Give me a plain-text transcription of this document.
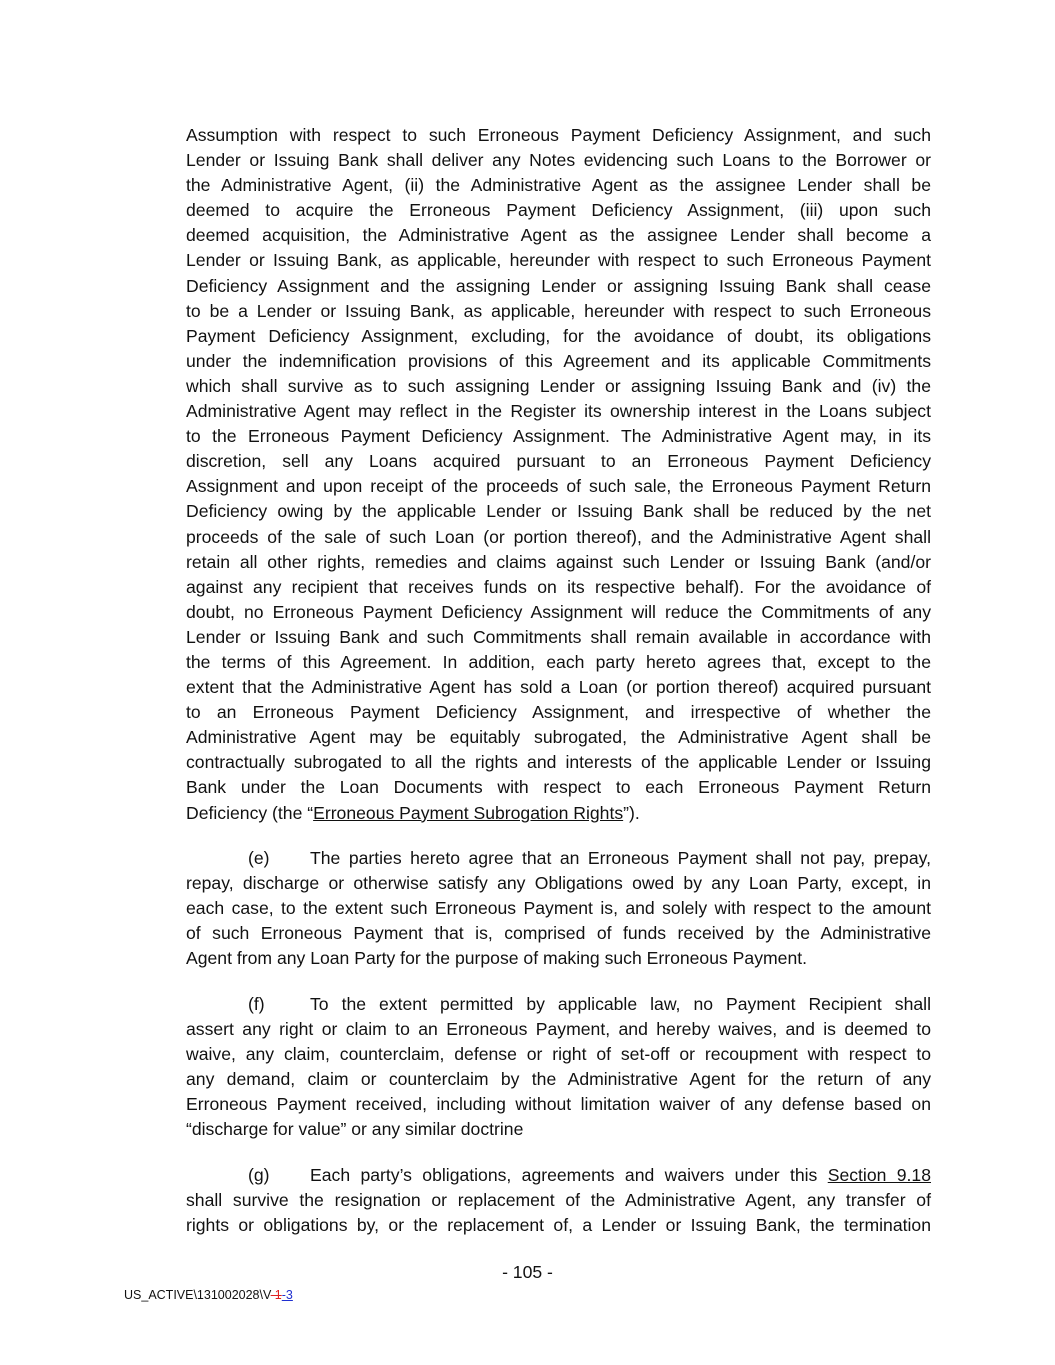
Assumption with respect to such Erroneous Payment Deficiency Assignment, and such
Lender or Issuing Bank shall deliver any Notes evidencing such Loans to the Borrower or
the Administrative Agent, (ii) the Administrative Agent as the assignee Lender shall be
deemed to acquire the Erroneous Payment Deficiency Assignment, (iii) upon such
deemed acquisition, the Administrative Agent as the assignee Lender shall become a
Lender or Issuing Bank, as applicable, hereunder with respect to such Erroneous Payment
Deficiency Assignment and the assigning Lender or assigning Issuing Bank shall cease
to be a Lender or Issuing Bank, as applicable, hereunder with respect to such Erroneous
Payment Deficiency Assignment, excluding, for the avoidance of doubt, its obligations
under the indemnification provisions of this Agreement and its applicable Commitments
which shall survive as to such assigning Lender or assigning Issuing Bank and (iv) the
Administrative Agent may reflect in the Register its ownership interest in the Loans subject
to the Erroneous Payment Deficiency Assignment. The Administrative Agent may, in its
discretion, sell any Loans acquired pursuant to an Erroneous Payment Deficiency
Assignment and upon receipt of the proceeds of such sale, the Erroneous Payment Return
Deficiency owing by the applicable Lender or Issuing Bank shall be reduced by the net
proceeds of the sale of such Loan (or portion thereof), and the Administrative Agent shall
retain all other rights, remedies and claims against such Lender or Issuing Bank (and/or
against any recipient that receives funds on its respective behalf). For the avoidance of
doubt, no Erroneous Payment Deficiency Assignment will reduce the Commitments of any
Lender or Issuing Bank and such Commitments shall remain available in accordance with
the terms of this Agreement. In addition, each party hereto agrees that, except to the
extent that the Administrative Agent has sold a Loan (or portion thereof) acquired pursuant
to an Erroneous Payment Deficiency Assignment, and irrespective of whether the
Administrative Agent may be equitably subrogated, the Administrative Agent shall be
contractually subrogated to all the rights and interests of the applicable Lender or Issuing
Bank under the Loan Documents with respect to each Erroneous Payment Return
Deficiency (the “Erroneous Payment Subrogation Rights”).
(e) The parties hereto agree that an Erroneous Payment shall not pay, prepay,
repay, discharge or otherwise satisfy any Obligations owed by any Loan Party, except, in
each case, to the extent such Erroneous Payment is, and solely with respect to the amount
of such Erroneous Payment that is, comprised of funds received by the Administrative
Agent from any Loan Party for the purpose of making such Erroneous Payment.
(f)	To the extent permitted by applicable law, no Payment Recipient shall
assert any right or claim to an Erroneous Payment, and hereby waives, and is deemed to
waive, any claim, counterclaim, defense or right of set-off or recoupment with respect to
any demand, claim or counterclaim by the Administrative Agent for the return of any
Erroneous Payment received, including without limitation waiver of any defense based on
“discharge for value” or any similar doctrine
(g) Each party’s obligations, agreements and waivers under this Section 9.18
shall survive the resignation or replacement of the Administrative Agent, any transfer of
rights or obligations by, or the replacement of, a Lender or Issuing Bank, the termination
- 105 -
US_ACTIVE\131002028\V-1-3
